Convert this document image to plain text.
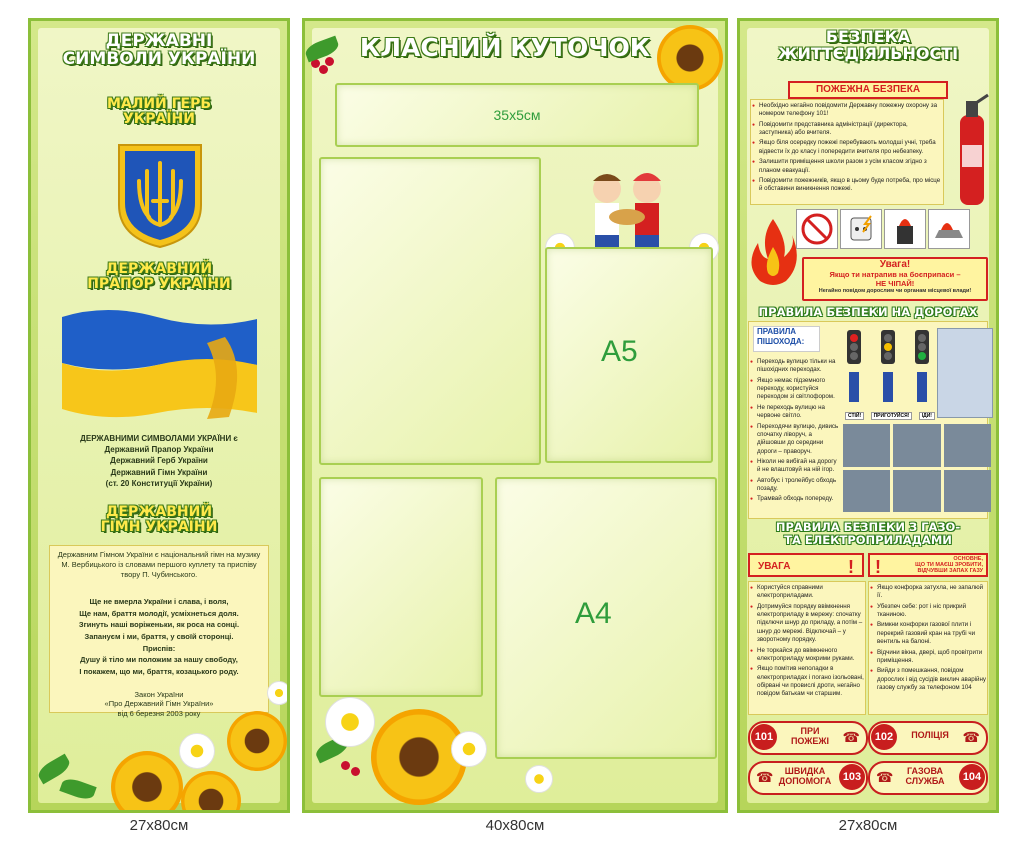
ДЕРЖАВНІ
СИМВОЛИ УКРАЇНИ
МАЛИЙ ГЕРБ
УКРАЇНИ
ДЕРЖАВНИЙ
ПРАПОР УКРАЇНИ
ДЕРЖАВНИМИ СИМВОЛАМИ УКРАЇНИ є
Державний Прапор України
Державний Герб України
Державний Гімн України
(ст. 20 Конституції України)
ДЕРЖАВНИЙ
ГІМН УКРАЇНИ
Державним Гімном України є національний гімн на музику М. Вербицького із словами першого куплету та приспіву твору П. Чубинського.
Ще не вмерла України і слава, і воля,
Ще нам, браття молодії, усміхнеться доля.
Згинуть наші воріженьки, як роса на сонці.
Запануєм і ми, браття, у своїй сторонці.
Приспів:
Душу й тіло ми положим за нашу свободу,
І покажем, що ми, браття, козацького роду.
Закон України
«Про Державний Гімн України»
від 6 березня 2003 року
27х80см
КЛАСНИЙ КУТОЧОК
35х5см
А5
А4
40х80см
БЕЗПЕКА
ЖИТТЄДІЯЛЬНОСТІ
ПОЖЕЖНА БЕЗПЕКА
● Необхідно негайно повідомити Державну пожежну охорону за номером телефону 101!
● Повідомити представника адміністрації (директора, заступника) або вчителя.
● Якщо біля осередку пожежі перебувають молодші учні, треба відвести їх до класу і попередити вчителя про небезпеку.
● Залишити приміщення школи разом з усім класом згідно з планом евакуації.
● Повідомити пожежників, якщо в цьому буде потреба, про місце й обставини виникнення пожежі.
Увага!
Якщо ти натрапив на боєприпаси –
НЕ ЧІПАЙ!
Негайно повідом дорослим чи органам місцевої влади!
ПРАВИЛА БЕЗПЕКИ НА ДОРОГАХ
ПРАВИЛА
ПІШОХОДА:
● Переходь вулицю тільки на пішохідних переходах.
● Якщо немає підземного переходу, користуйся переходом зі світлофором.
● Не переходь вулицю на червоне світло.
● Переходячи вулицю, дивись спочатку ліворуч, а дійшовши до середини дороги – праворуч.
● Ніколи не вибігай на дорогу й не влаштовуй на ній ігор.
● Автобус і тролейбус обходь позаду.
● Трамвай обходь попереду.
СТІЙ!	ПРИГОТУЙСЯ!	ІДИ!
ПРАВИЛА БЕЗПЕКИ З ГАЗО-
ТА ЕЛЕКТРОПРИЛАДАМИ
УВАГА	! !	ОСНОВНЕ,
ЩО ТИ МАЄШ ЗРОБИТИ,
ВІДЧУВШИ ЗАПАХ ГАЗУ
● Користуйся справними електроприладами.
● Дотримуйся порядку ввімкнення електроприладу в мережу: спочатку підключи шнур до приладу, а потім – шнур до мережі. Відключай – у зворотному порядку.
● Не торкайся до ввімкненого електроприладу мокрими руками.
● Якщо помітив неполадки в електроприладах і погано ізольовані, обірвані чи провислі дроти, негайно повідом батькам чи старшим.
● Якщо конфорка затухла, не запалюй її.
● Убезпеч себе: рот і ніс прикрий тканиною.
● Вимкни конфорки газової плити і перекрий газовий кран на трубі чи вентиль на балоні.
● Відчини вікна, двері, щоб провітрити приміщення.
● Вийди з помешкання, повідом дорослих і від сусідів виклич аварійну газову службу за телефоном 104
101	ПРИ
ПОЖЕЖІ ☎	102	ПОЛІЦІЯ ☎
☎	ШВИДКА
ДОПОМОГА	103 ☎	ГАЗОВА
СЛУЖБА	104
27х80см
